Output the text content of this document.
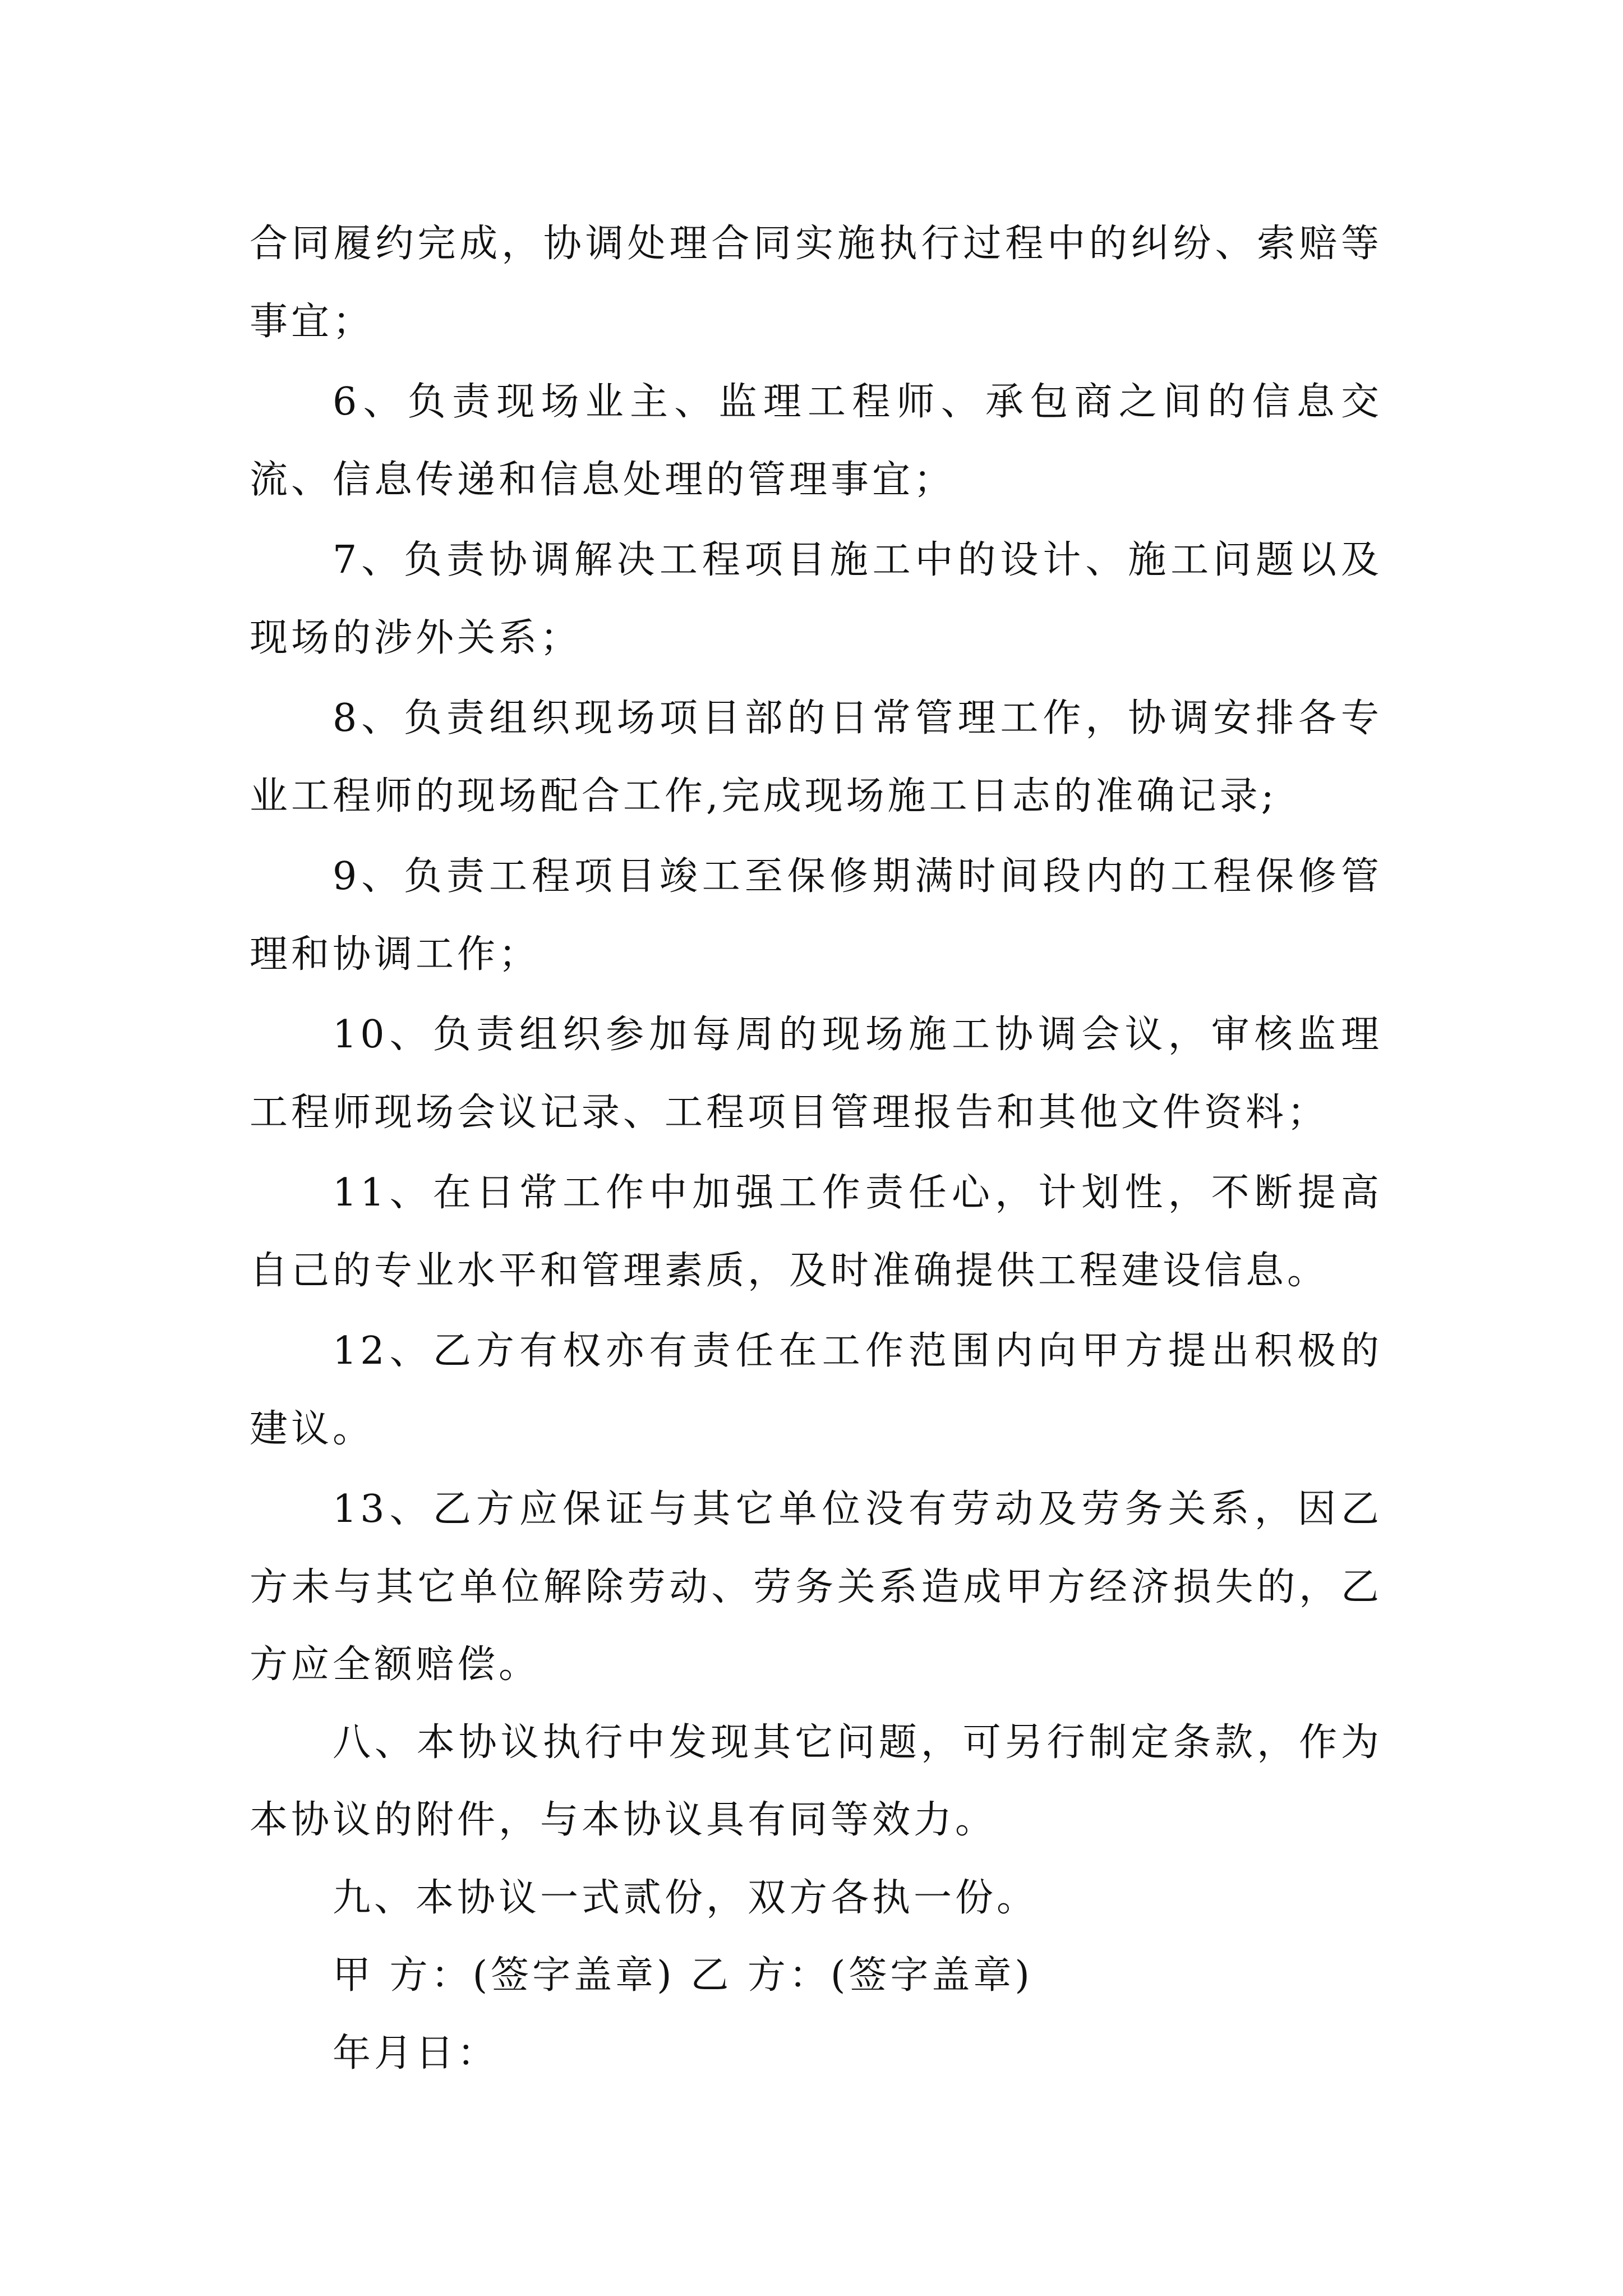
合同履约完成，协调处理合同实施执行过程中的纠纷、索赔等事宜；

6、负责现场业主、监理工程师、承包商之间的信息交流、信息传递和信息处理的管理事宜；

7、负责协调解决工程项目施工中的设计、施工问题以及现场的涉外关系；

8、负责组织现场项目部的日常管理工作，协调安排各专业工程师的现场配合工作,完成现场施工日志的准确记录;

9、负责工程项目竣工至保修期满时间段内的工程保修管理和协调工作；

10、负责组织参加每周的现场施工协调会议，审核监理工程师现场会议记录、工程项目管理报告和其他文件资料；

11、在日常工作中加强工作责任心，计划性，不断提高自己的专业水平和管理素质，及时准确提供工程建设信息。

12、乙方有权亦有责任在工作范围内向甲方提出积极的建议。

13、乙方应保证与其它单位没有劳动及劳务关系，因乙方未与其它单位解除劳动、劳务关系造成甲方经济损失的，乙方应全额赔偿。

八、本协议执行中发现其它问题，可另行制定条款，作为本协议的附件，与本协议具有同等效力。

九、本协议一式贰份，双方各执一份。

甲 方：(签字盖章) 乙 方：(签字盖章)

年月日：
